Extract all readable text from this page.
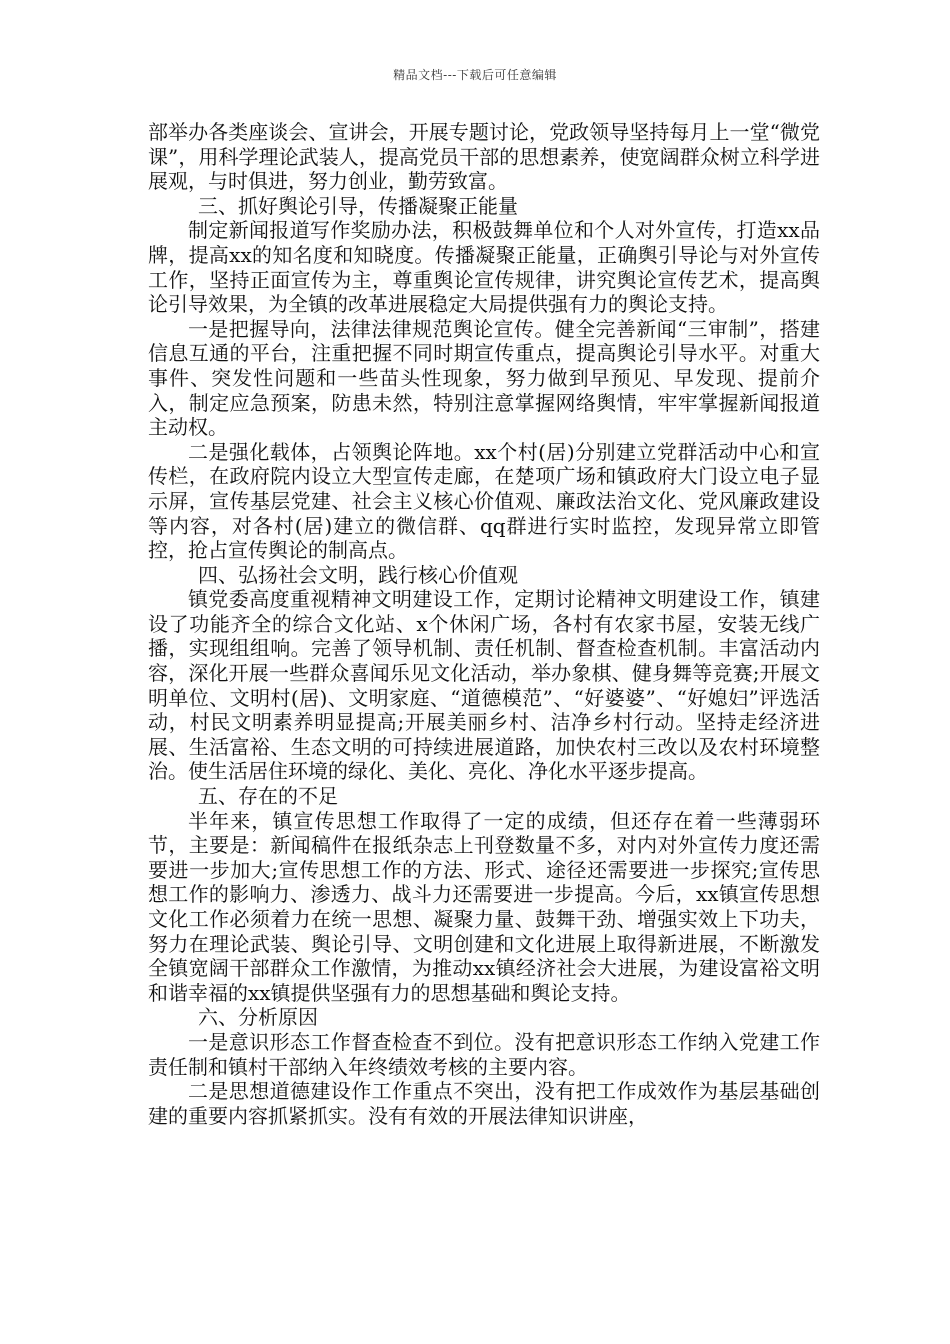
精品文档---下载后可任意编辑

部举办各类座谈会、宣讲会，开展专题讨论，党政领导坚持每月上一堂“微党课”，用科学理论武装人，提高党员干部的思想素养，使宽阔群众树立科学进展观，与时俱进，努力创业，勤劳致富。

三、抓好舆论引导，传播凝聚正能量

制定新闻报道写作奖励办法，积极鼓舞单位和个人对外宣传，打造xx品牌，提高xx的知名度和知晓度。传播凝聚正能量，正确舆引导论与对外宣传工作，坚持正面宣传为主，尊重舆论宣传规律，讲究舆论宣传艺术，提高舆论引导效果，为全镇的改革进展稳定大局提供强有力的舆论支持。

一是把握导向，法律法律规范舆论宣传。健全完善新闻“三审制”，搭建信息互通的平台，注重把握不同时期宣传重点，提高舆论引导水平。对重大事件、突发性问题和一些苗头性现象，努力做到早预见、早发现、提前介入，制定应急预案，防患未然，特别注意掌握网络舆情，牢牢掌握新闻报道主动权。

二是强化载体，占领舆论阵地。xx个村(居)分别建立党群活动中心和宣传栏，在政府院内设立大型宣传走廊，在楚项广场和镇政府大门设立电子显示屏，宣传基层党建、社会主义核心价值观、廉政法治文化、党风廉政建设等内容，对各村(居)建立的微信群、qq群进行实时监控，发现异常立即管控，抢占宣传舆论的制高点。

四、弘扬社会文明，践行核心价值观

镇党委高度重视精神文明建设工作，定期讨论精神文明建设工作，镇建设了功能齐全的综合文化站、x个休闲广场，各村有农家书屋，安装无线广播，实现组组响。完善了领导机制、责任机制、督查检查机制。丰富活动内容，深化开展一些群众喜闻乐见文化活动，举办象棋、健身舞等竞赛;开展文明单位、文明村(居)、文明家庭、“道德模范”、“好婆婆”、“好媳妇”评选活动，村民文明素养明显提高;开展美丽乡村、洁净乡村行动。坚持走经济进展、生活富裕、生态文明的可持续进展道路，加快农村三改以及农村环境整治。使生活居住环境的绿化、美化、亮化、净化水平逐步提高。

五、存在的不足

半年来，镇宣传思想工作取得了一定的成绩，但还存在着一些薄弱环节，主要是：新闻稿件在报纸杂志上刊登数量不多，对内对外宣传力度还需要进一步加大;宣传思想工作的方法、形式、途径还需要进一步探究;宣传思想工作的影响力、渗透力、战斗力还需要进一步提高。今后，xx镇宣传思想文化工作必须着力在统一思想、凝聚力量、鼓舞干劲、增强实效上下功夫，努力在理论武装、舆论引导、文明创建和文化进展上取得新进展，不断激发全镇宽阔干部群众工作激情，为推动xx镇经济社会大进展，为建设富裕文明和谐幸福的xx镇提供坚强有力的思想基础和舆论支持。

六、分析原因

一是意识形态工作督查检查不到位。没有把意识形态工作纳入党建工作责任制和镇村干部纳入年终绩效考核的主要内容。

二是思想道德建设作工作重点不突出，没有把工作成效作为基层基础创建的重要内容抓紧抓实。没有有效的开展法律知识讲座，
